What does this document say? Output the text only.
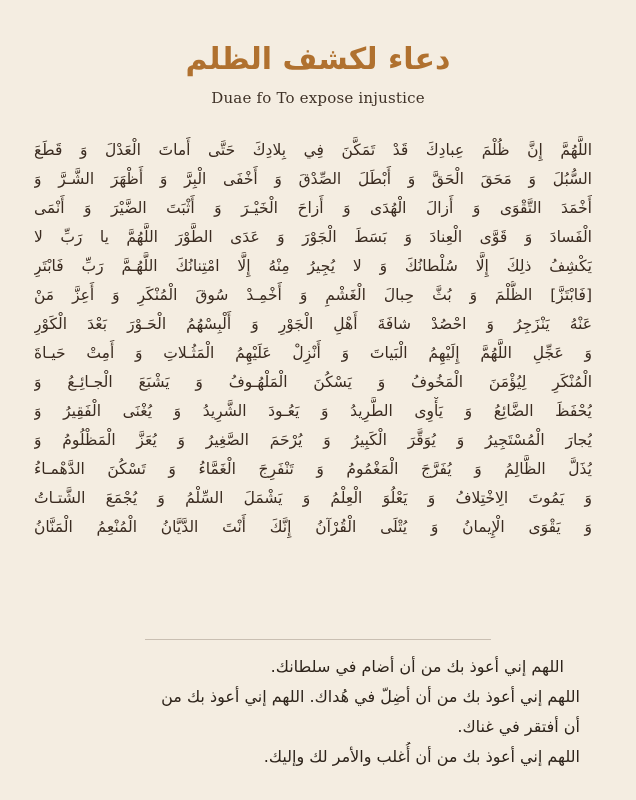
دعاء لكشف الظلم
Duae fo To expose injustice
اللَّهُمَّ إِنَّ ظُلْمَ عِبادِكَ قَدْ تَمَكَّنَ فِي بِلادِكَ حَتَّى أَماتَ الْعَدْلَ وَ قَطَعَ
السُّبُلَ وَ مَحَقَ الْحَقَّ وَ أَبْطَلَ الصِّدْقَ وَ أَخْفَى الْبِرَّ وَ أَظْهَرَ الشَّـرَّ وَ
أَخْمَدَ التَّقْوَى وَ أَزالَ الْهُدَى وَ أَزاحَ الْخَيْـرَ وَ أَثْبَتَ الضَّيْرَ وَ أَنْمَى
الْفَسادَ وَ قَوَّى الْعِنادَ وَ بَسَطَ الْجَوْرَ وَ عَدَى الطَّوْرَ اللَّهُمَّ يا رَبِّ لا
يَكْشِفُ ذلِكَ إِلَّا سُلْطانُكَ وَ لا يُجِيرُ مِنْهُ إِلَّا امْتِنانُكَ اللَّهُـمَّ رَبِّ فَابْتَرِ
[فَابْتَزَّ] الظُّلْمَ وَ بُثَّ حِبالَ الْغَشْمِ وَ أَخْمِـدْ سُوقَ الْمُنْكَرِ وَ أَعِزَّ مَنْ
عَنْهُ يَنْزَجِرُ وَ احْصُدْ شافَةَ أَهْلِ الْجَوْرِ وَ أَلْبِسْهُمُ الْحَـوْرَ بَعْدَ الْكَوْرِ
وَ عَجِّلِ اللَّهُمَّ إِلَيْهِمُ الْبَياتَ وَ أَنْزِلْ عَلَيْهِمُ الْمَثُـلاتِ وَ أَمِتْ حَيـاةَ
الْمُنْكَرِ لِيُؤْمَنَ الْمَخُوفُ وَ يَسْكُنَ الْمَلْهُـوفُ وَ يَشْبَعَ الْجـائِـعُ وَ
يُحْفَظَ الضَّائِعُ وَ يَأْوِى الطَّرِيدُ وَ يَعُـودَ الشَّرِيدُ وَ يُغْنَى الْفَقِيرُ وَ
يُجارَ الْمُسْتَجِيرُ وَ يُوَقَّرَ الْكَبِيرُ وَ يُرْحَمَ الصَّغِيرُ وَ يُعَزَّ الْمَظْلُومُ وَ
يُذَلَّ الظَّالِمُ وَ يُفَرَّجَ الْمَغْمُومُ وَ تَنْفَرِجَ الْغَمَّاءُ وَ تَسْكُنَ الدَّهْمـاءُ
وَ يَمُوتَ الِاخْتِلافُ وَ يَعْلُوَ الْعِلْمُ وَ يَشْمَلَ السِّلْمُ وَ يُجْمَعَ الشَّتـاتُ
وَ يَقْوَى الْإِيمانُ وَ يُتْلَى الْقُرْآنُ إِنَّكَ أَنْتَ الدَّيَّانُ الْمُنْعِمُ الْمَنَّانُ
اللهم إني أعوذ بك من أن أضام في سلطانك.
اللهم إني أعوذ بك من أن أضِلّ في هُداك. اللهم إني أعوذ بك من
أن أفتقر في غناك.
اللهم إني أعوذ بك من أن أُغلب والأمر لك وإليك.
